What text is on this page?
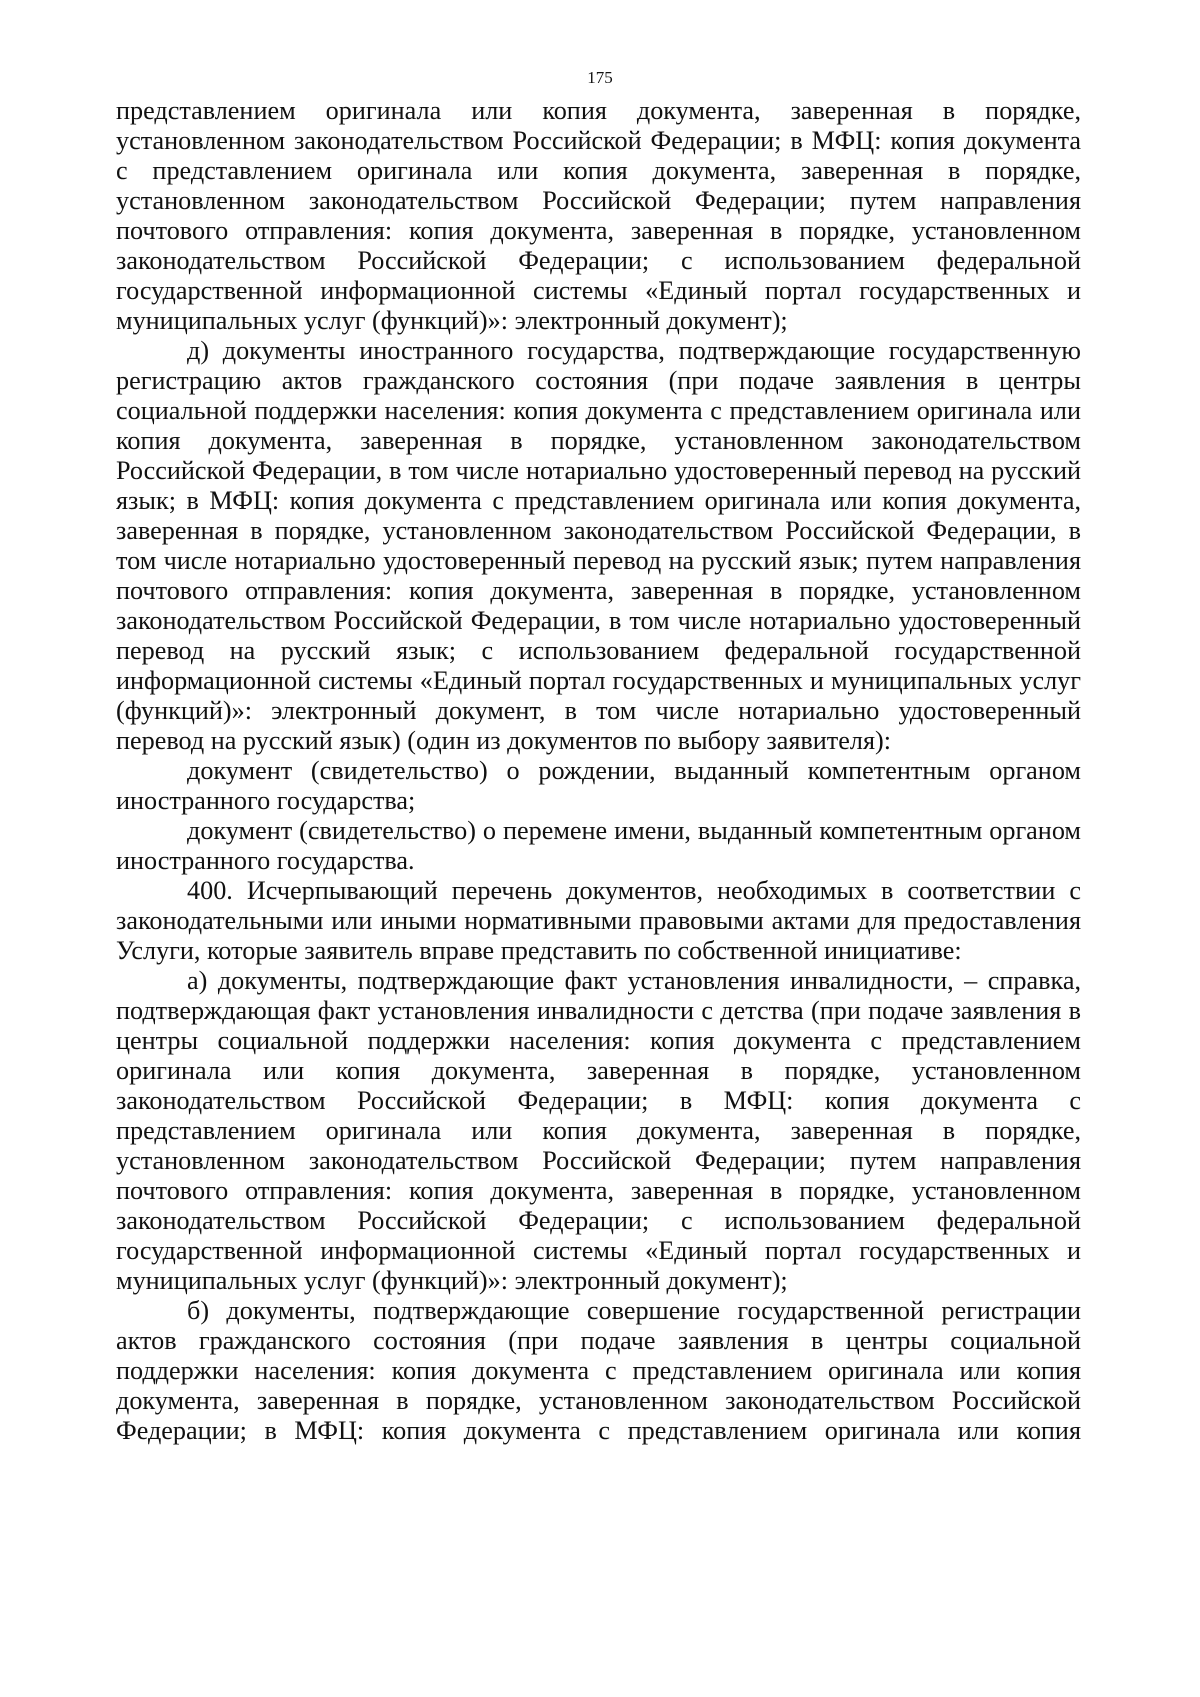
175
представлением оригинала или копия документа, заверенная в порядке,
установленном законодательством Российской Федерации; в МФЦ: копия документа
с представлением оригинала или копия документа, заверенная в порядке,
установленном законодательством Российской Федерации; путем направления
почтового отправления: копия документа, заверенная в порядке, установленном
законодательством Российской Федерации; с использованием федеральной
государственной информационной системы «Единый портал государственных и
муниципальных услуг (функций)»: электронный документ);
д) документы иностранного государства, подтверждающие государственную
регистрацию актов гражданского состояния (при подаче заявления в центры
социальной поддержки населения: копия документа с представлением оригинала или
копия документа, заверенная в порядке, установленном законодательством
Российской Федерации, в том числе нотариально удостоверенный перевод на русский
язык; в МФЦ: копия документа с представлением оригинала или копия документа,
заверенная в порядке, установленном законодательством Российской Федерации, в
том числе нотариально удостоверенный перевод на русский язык; путем направления
почтового отправления: копия документа, заверенная в порядке, установленном
законодательством Российской Федерации, в том числе нотариально удостоверенный
перевод на русский язык; с использованием федеральной государственной
информационной системы «Единый портал государственных и муниципальных услуг
(функций)»: электронный документ, в том числе нотариально удостоверенный
перевод на русский язык) (один из документов по выбору заявителя):
документ (свидетельство) о рождении, выданный компетентным органом
иностранного государства;
документ (свидетельство) о перемене имени, выданный компетентным органом
иностранного государства.
400. Исчерпывающий перечень документов, необходимых в соответствии с
законодательными или иными нормативными правовыми актами для предоставления
Услуги, которые заявитель вправе представить по собственной инициативе:
а) документы, подтверждающие факт установления инвалидности, – справка,
подтверждающая факт установления инвалидности с детства (при подаче заявления в
центры социальной поддержки населения: копия документа с представлением
оригинала или копия документа, заверенная в порядке, установленном
законодательством Российской Федерации; в МФЦ: копия документа с
представлением оригинала или копия документа, заверенная в порядке,
установленном законодательством Российской Федерации; путем направления
почтового отправления: копия документа, заверенная в порядке, установленном
законодательством Российской Федерации; с использованием федеральной
государственной информационной системы «Единый портал государственных и
муниципальных услуг (функций)»: электронный документ);
б) документы, подтверждающие совершение государственной регистрации
актов гражданского состояния (при подаче заявления в центры социальной
поддержки населения: копия документа с представлением оригинала или копия
документа, заверенная в порядке, установленном законодательством Российской
Федерации; в МФЦ: копия документа с представлением оригинала или копия
